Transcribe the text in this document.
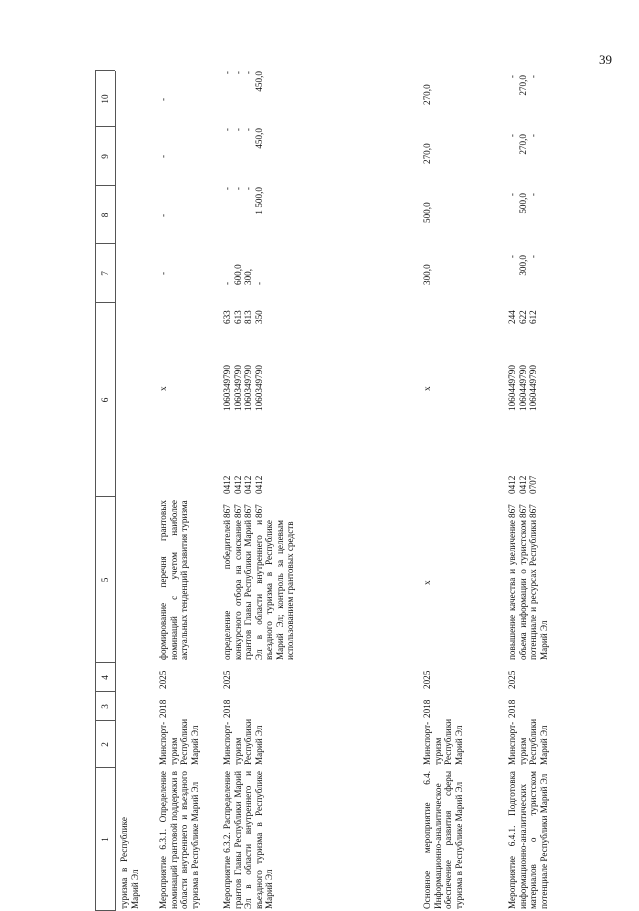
39
1
2
3
4
5
6
7
8
9
10
туризма в Республике Марий Эл Мероприятие 6.3.1. Определение номинаций грантовой поддержки в области внутреннего и въездного туризма в Республике Марий Эл
Минспорт-туризм Республики Марий Эл
2018
2025
формирование перечня грантовых номинаций с учетом наиболее актуальных тенденций развития туризма
x
-
-
-
-
Мероприятие 6.3.2. Распределение грантов Главы Республики Марий Эл в области внутреннего и въездного туризма в Республике Марий Эл
Минспорт-туризм Республики Марий Эл
2018
2025
определение победителей конкурсного отбора на соискание грантов Главы Республики Марий Эл в области внутреннего и въездного туризма в Республике Марий Эл; контроль за целевым использованием грантовых средств
867
867
867
867
0412
0412
0412
0412
1060349790
1060349790
1060349790
1060349790
633
613
813
350
-
600,0
300,
-
-
-
-
1 500,0
-
-
-
450,0
-
-
-
450,0
Основное мероприятие 6.4. Информационно-аналитическое обеспечение развития сферы туризма в Республике Марий Эл
Минспорт-туризм Республики Марий Эл
2018
2025
x
x
300,0
500,0
270,0
270,0
Мероприятие 6.4.1. Подготовка информационно-аналитических материалов о туристском потенциале Республики Марий Эл
Минспорт-туризм Республики Марий Эл
2018
2025
повышение качества и увеличение объема информации о туристском потенциале и ресурсах Республики Марий Эл
867
867
867
0412
0412
0707
1060449790
1060449790
1060449790
244
622
612
-
300,0
-
-
500,0
-
-
270,0
-
-
270,0
-
